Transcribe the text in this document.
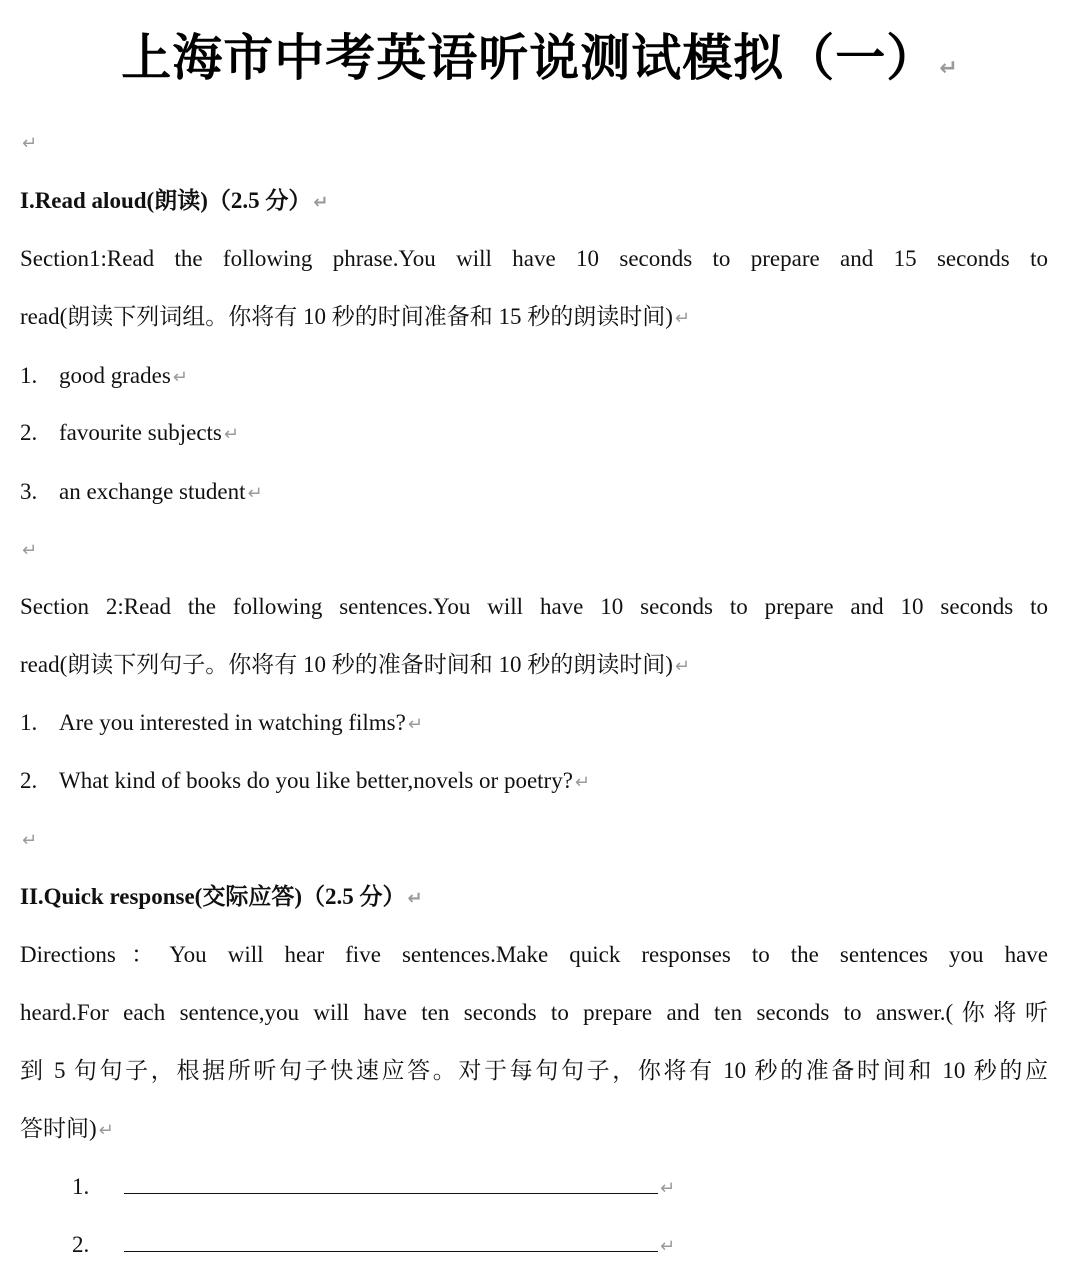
上海市中考英语听说测试模拟（一）↵
↵
I.Read aloud(朗读)（2.5 分） ↵
Section1:Read the following phrase.You will have 10 seconds to prepare and 15 seconds to
read(朗读下列词组。你将有 10 秒的时间准备和 15 秒的朗读时间) ↵
1. good grades ↵
2. favourite subjects ↵
3. an exchange student ↵
↵
Section 2:Read the following sentences.You will have 10 seconds to prepare and 10 seconds to
read(朗读下列句子。你将有 10 秒的准备时间和 10 秒的朗读时间) ↵
1. Are you interested in watching films? ↵
2. What kind of books do you like better,novels or poetry? ↵
↵
II.Quick response(交际应答)（2.5 分） ↵
Directions：You will hear five sentences.Make quick responses to the sentences you have
heard.For each sentence,you will have ten seconds to prepare and ten seconds to answer.(你将听
到 5 句句子，根据所听句子快速应答。对于每句句子，你将有 10 秒的准备时间和 10 秒的应
答时间) ↵
1.	↵
2.	↵
